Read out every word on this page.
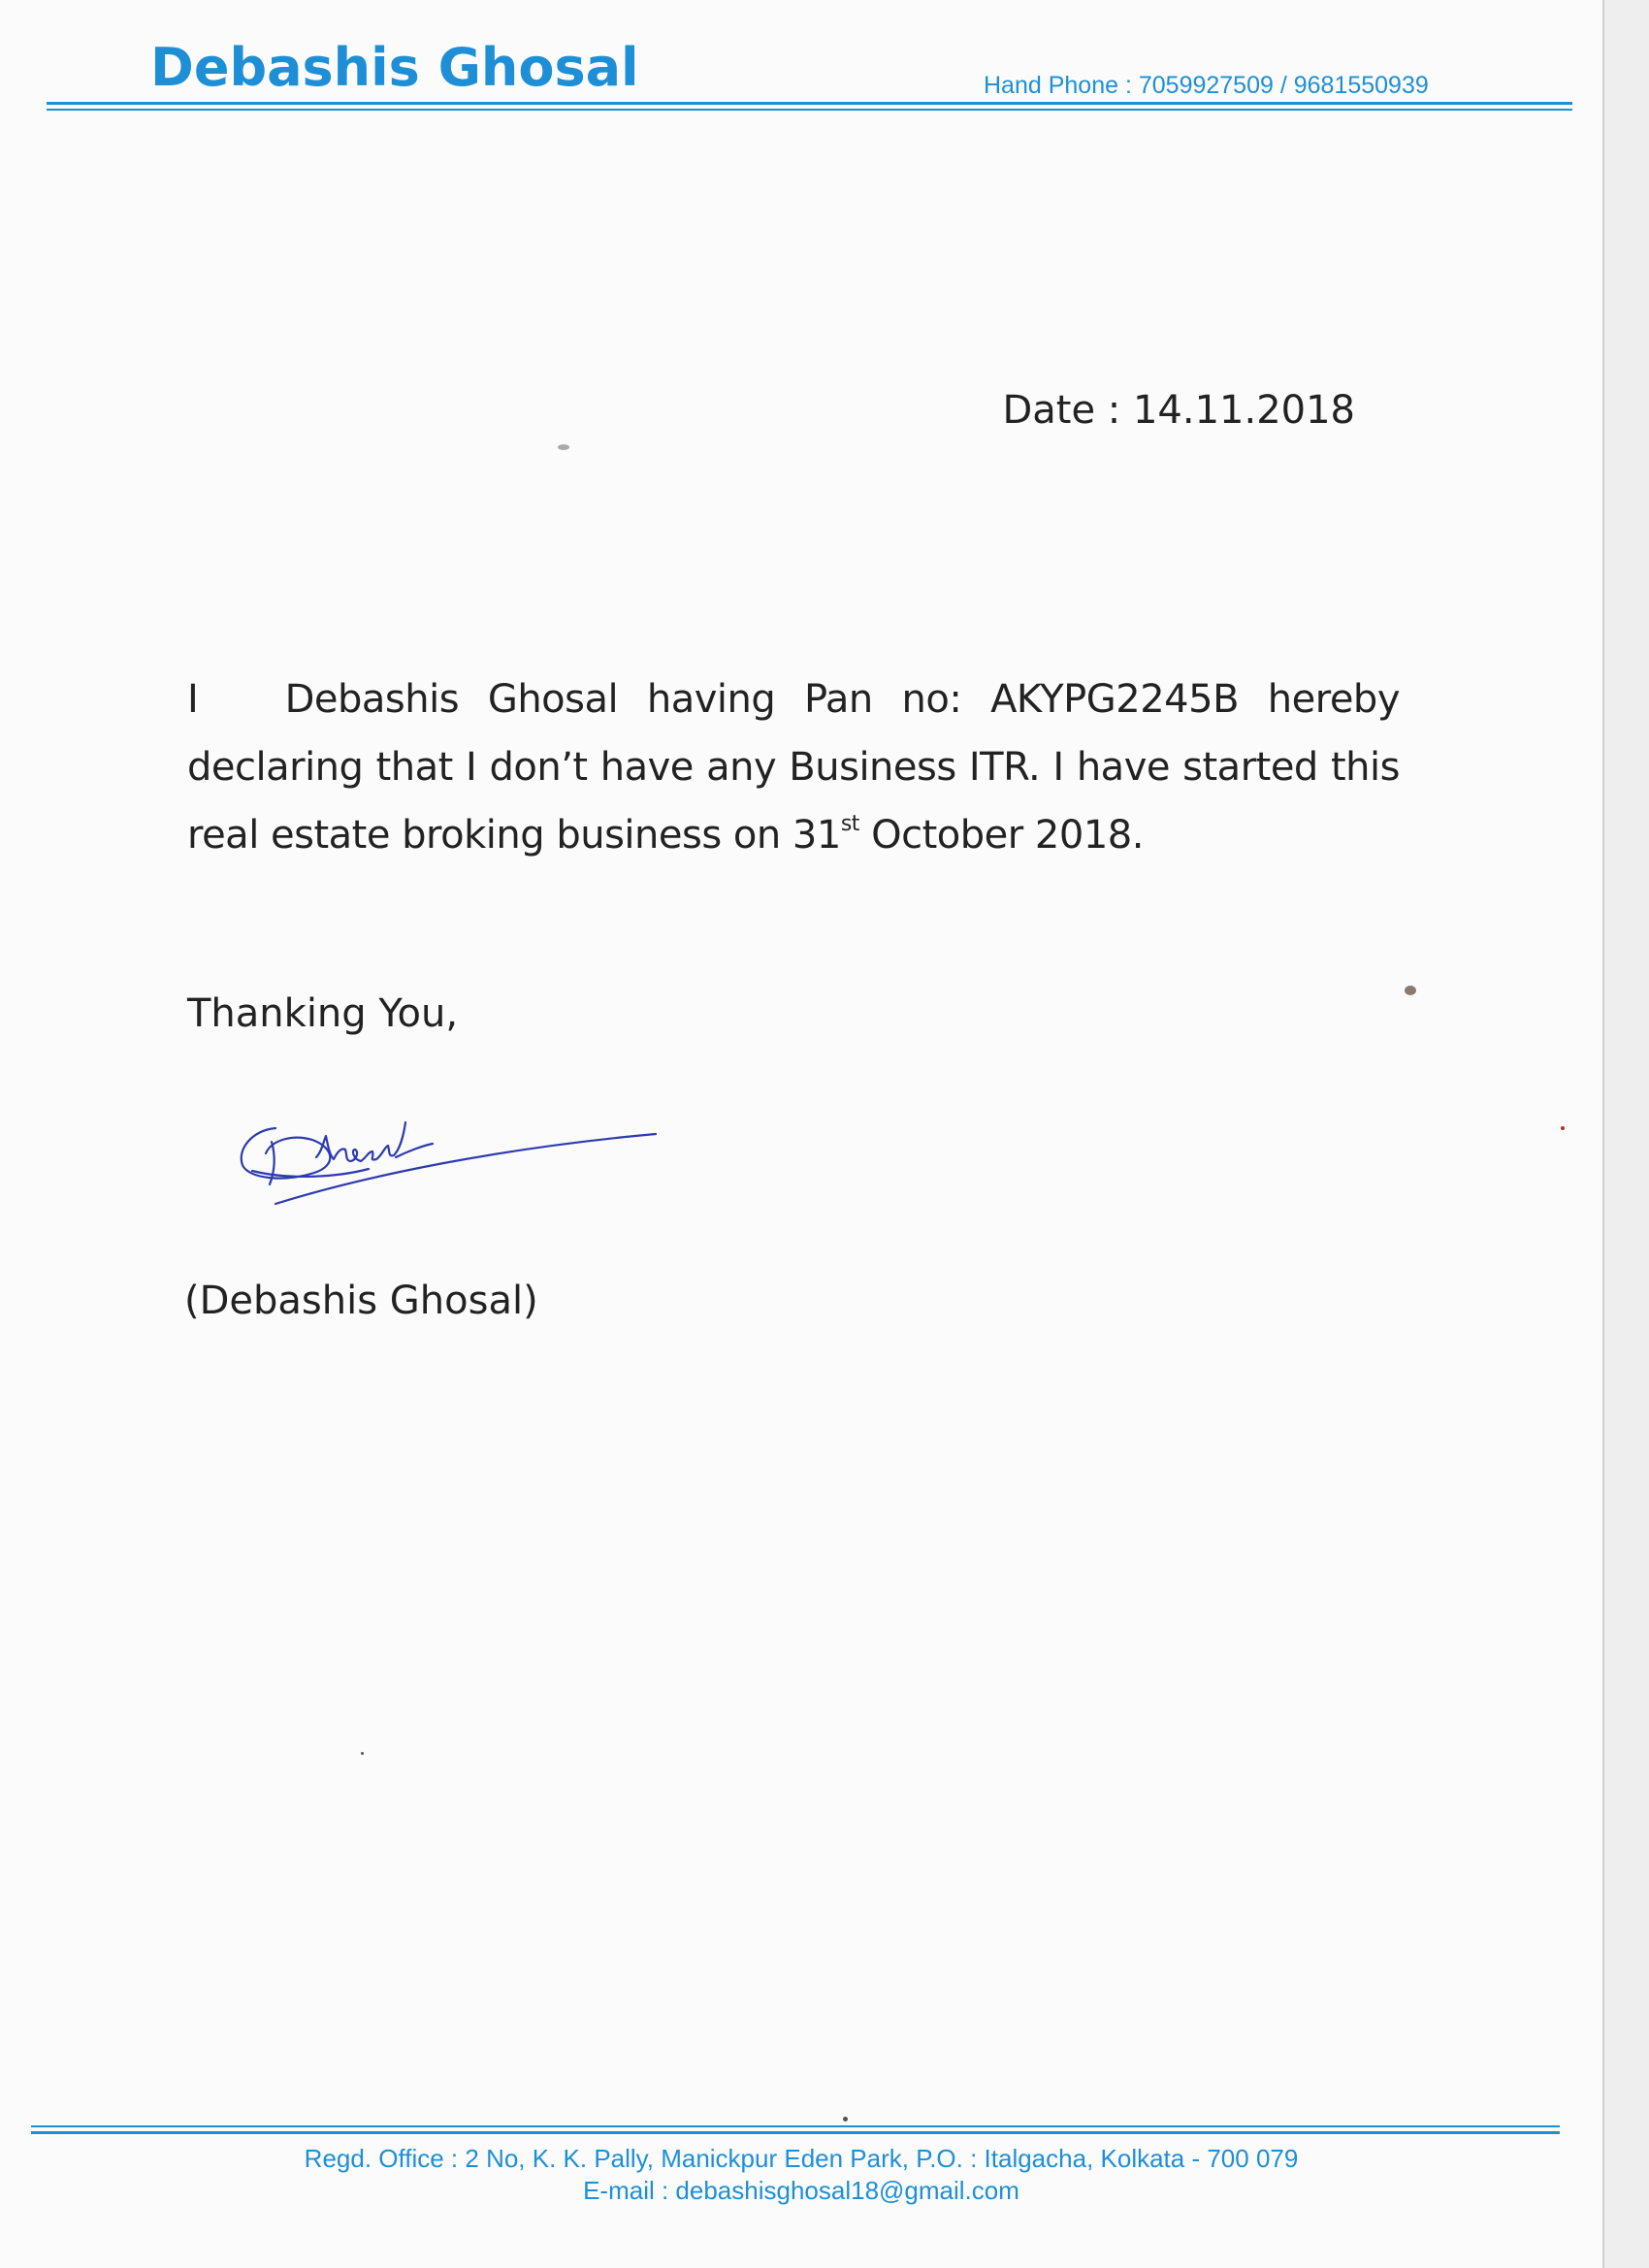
Debashis Ghosal	Hand Phone : 7059927509 / 9681550939
Date : 14.11.2018
I   Debashis Ghosal having Pan no: AKYPG2245B hereby declaring that I don’t have any Business ITR. I have started this real estate broking business on 31st October 2018.
Thanking You,
(Debashis Ghosal)
Regd. Office : 2 No, K. K. Pally, Manickpur Eden Park, P.O. : Italgacha, Kolkata - 700 079
E-mail : debashisghosal18@gmail.com
